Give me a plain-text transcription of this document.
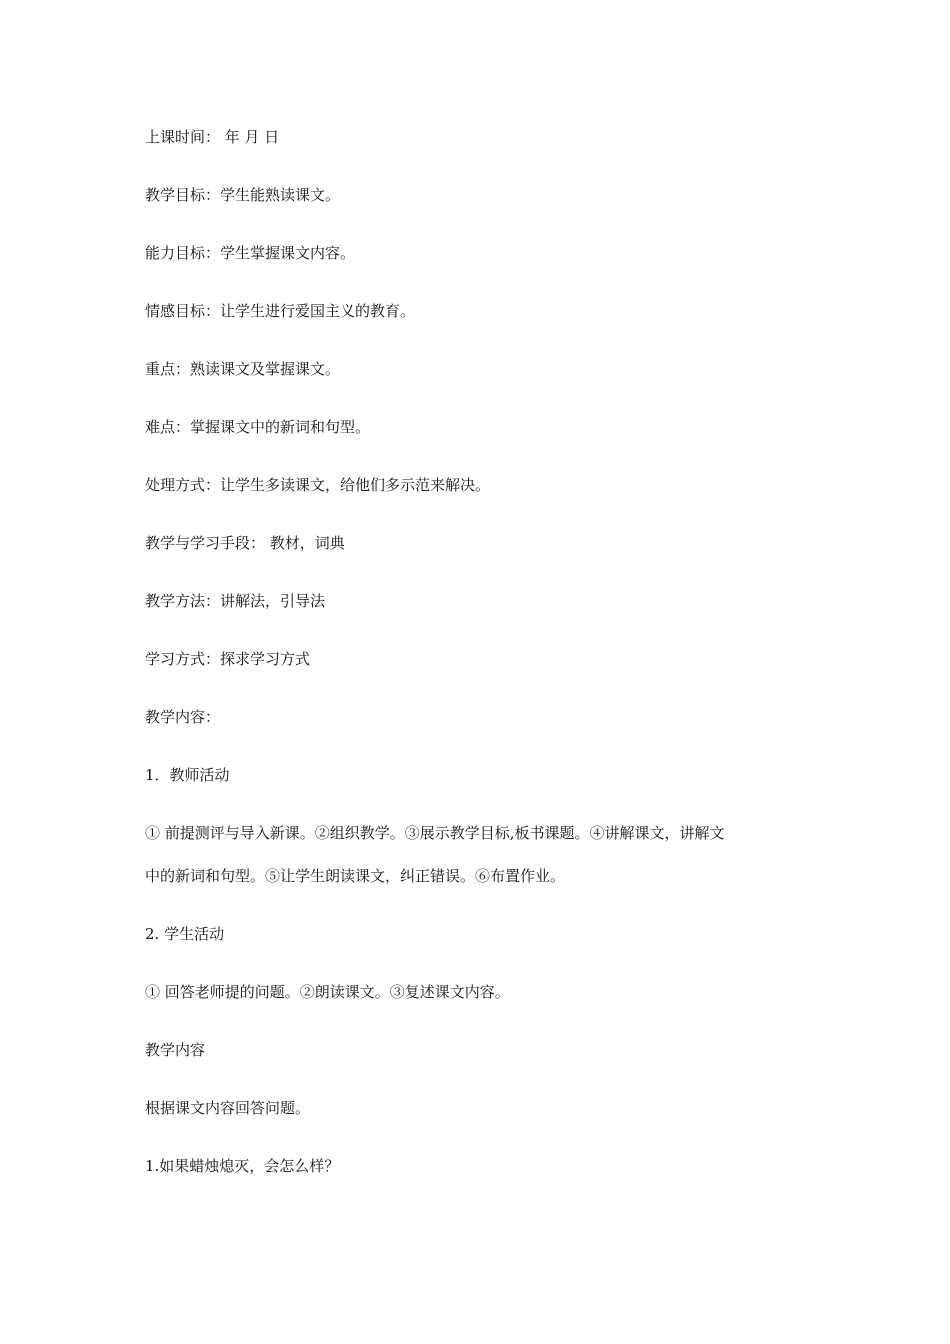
上课时间： 年 月 日
教学目标：学生能熟读课文。
能力目标：学生掌握课文内容。
情感目标：让学生进行爱国主义的教育。
重点：熟读课文及掌握课文。
难点：掌握课文中的新词和句型。
处理方式：让学生多读课文，给他们多示范来解决。
教学与学习手段： 教材，词典
教学方法：讲解法，引导法
学习方式：探求学习方式
教学内容：
1．教师活动
① 前提测评与导入新课。②组织教学。③展示教学目标,板书课题。④讲解课文，讲解文
中的新词和句型。⑤让学生朗读课文，纠正错误。⑥布置作业。
2. 学生活动
① 回答老师提的问题。②朗读课文。③复述课文内容。
教学内容
根据课文内容回答问题。
1.如果蜡烛熄灭，会怎么样？
